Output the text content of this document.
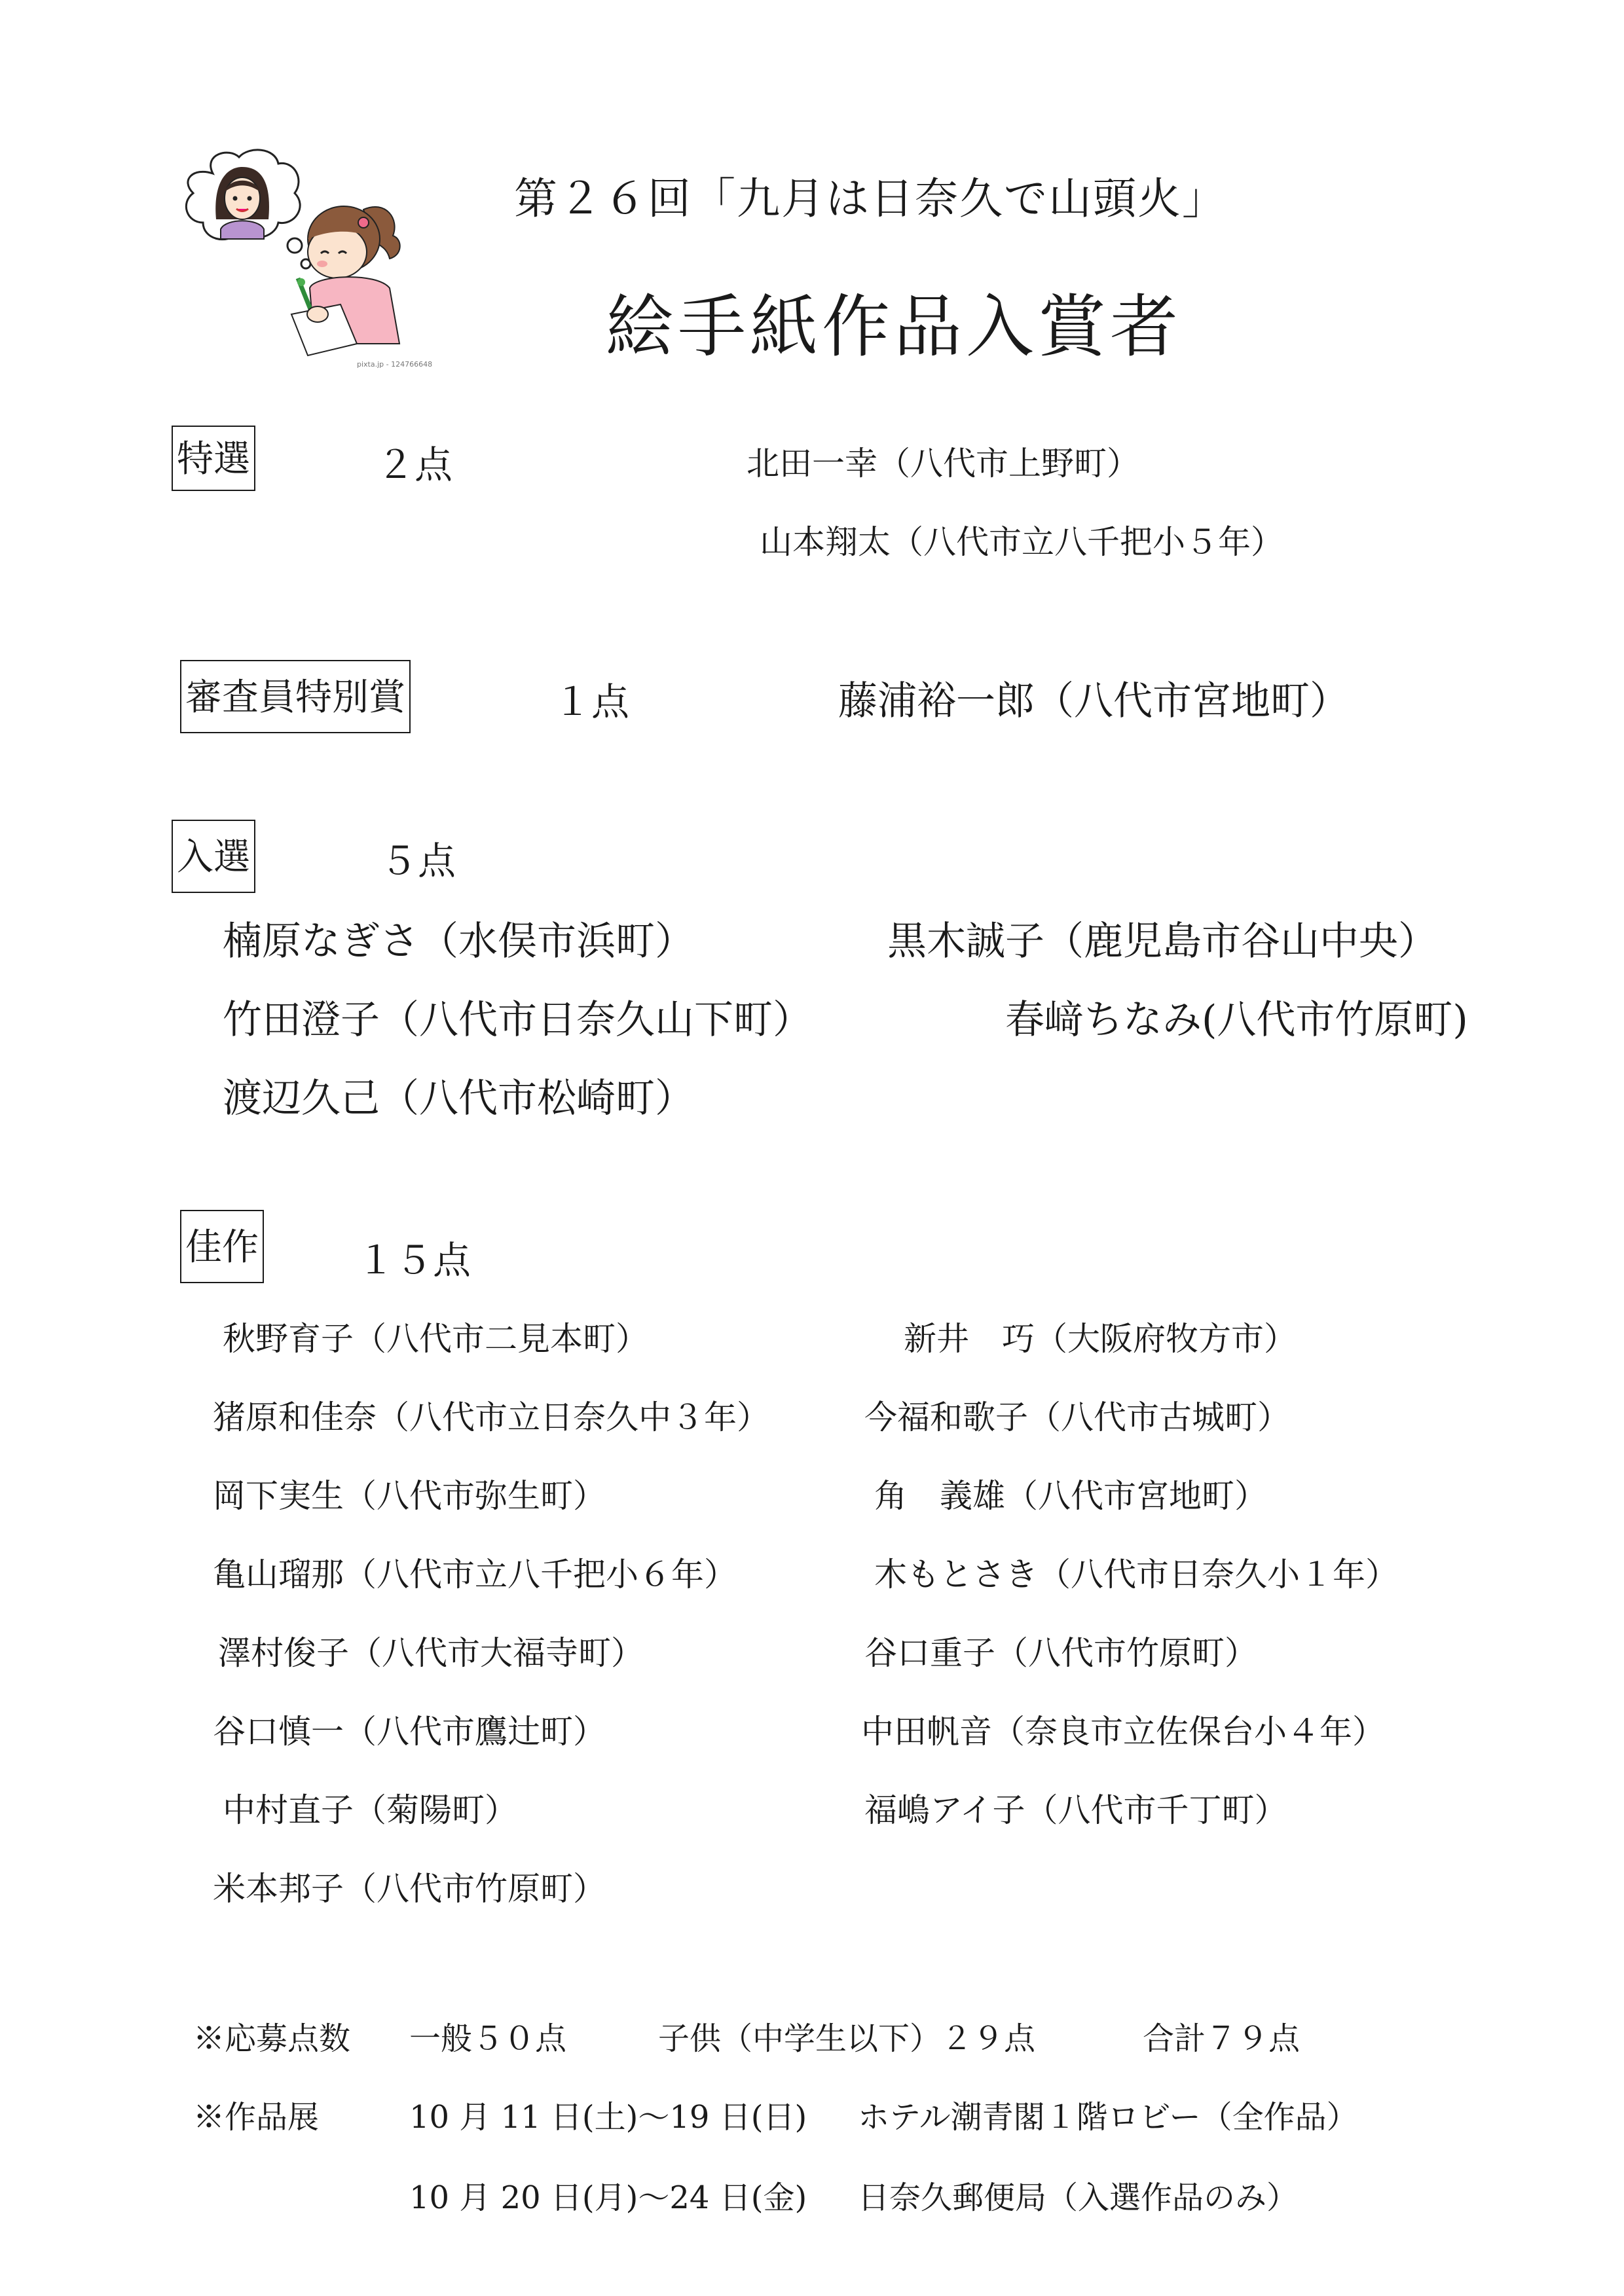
pixta.jp - 124766648
第２６回「九月は日奈久で山頭火」
絵手紙作品入賞者
特選	２点	北田一幸（八代市上野町）
山本翔太（八代市立八千把小５年）
審査員特別賞	１点	藤浦裕一郎（八代市宮地町）
入選	５点
楠原なぎさ（水俣市浜町）	黒木誠子（鹿児島市谷山中央）
竹田澄子（八代市日奈久山下町）	春﨑ちなみ(八代市竹原町)
渡辺久己（八代市松崎町）
佳作	１５点
秋野育子（八代市二見本町）	新井　巧（大阪府牧方市）
猪原和佳奈（八代市立日奈久中３年）	今福和歌子（八代市古城町）
岡下実生（八代市弥生町）	角　義雄（八代市宮地町）
亀山瑠那（八代市立八千把小６年）	木もとさき（八代市日奈久小１年）
澤村俊子（八代市大福寺町）	谷口重子（八代市竹原町）
谷口慎一（八代市鷹辻町）	中田帆音（奈良市立佐保台小４年）
中村直子（菊陽町）	福嶋アイ子（八代市千丁町）
米本邦子（八代市竹原町）
※応募点数 一般５０点	子供（中学生以下）２９点	合計７９点
※作品展	10 月 11 日(土)〜19 日(日) ホテル潮青閣１階ロビー（全作品）
10 月 20 日(月)〜24 日(金) 日奈久郵便局（入選作品のみ）
